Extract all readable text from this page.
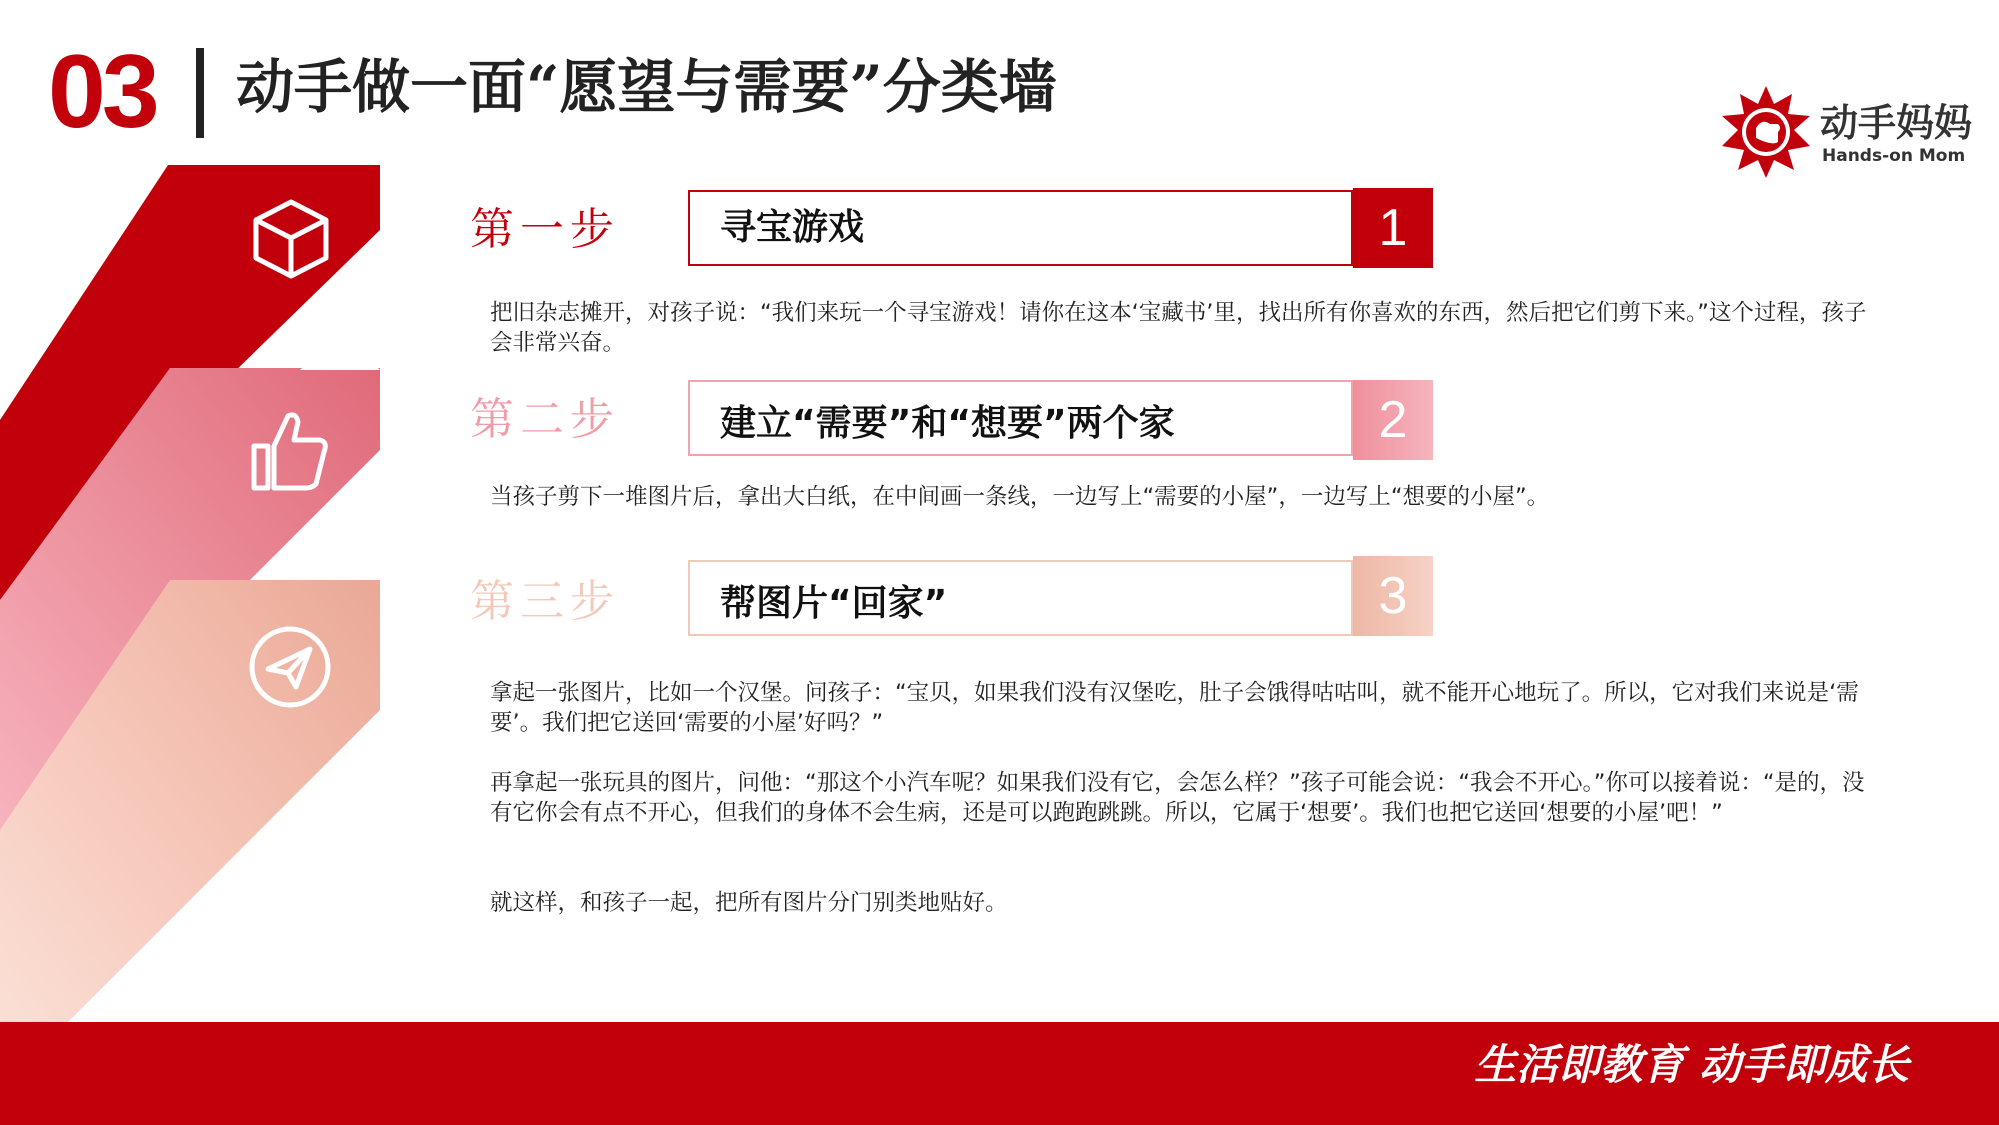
03 动手做一面“愿望与需要”分类墙
动手妈妈
Hands-on Mom
第一步	寻宝游戏	1
把旧杂志摊开，对孩子说：“我们来玩一个寻宝游戏！请你在这本‘宝藏书’里，找出所有你喜欢的东西，然后把它们剪下来。”这个过程，孩子会非常兴奋。
第二步	建立“需要”和“想要”两个家	2
当孩子剪下一堆图片后，拿出大白纸，在中间画一条线，一边写上“需要的小屋”，一边写上“想要的小屋”。
第三步	帮图片“回家”	3
拿起一张图片，比如一个汉堡。问孩子：“宝贝，如果我们没有汉堡吃，肚子会饿得咕咕叫，就不能开心地玩了。所以，它对我们来说是‘需要’。我们把它送回‘需要的小屋’好吗？”
再拿起一张玩具的图片，问他：“那这个小汽车呢？如果我们没有它，会怎么样？”孩子可能会说：“我会不开心。”你可以接着说：“是的，没有它你会有点不开心，但我们的身体不会生病，还是可以跑跑跳跳。所以，它属于‘想要’。我们也把它送回‘想要的小屋’吧！”
就这样，和孩子一起，把所有图片分门别类地贴好。
生活即教育 动手即成长
